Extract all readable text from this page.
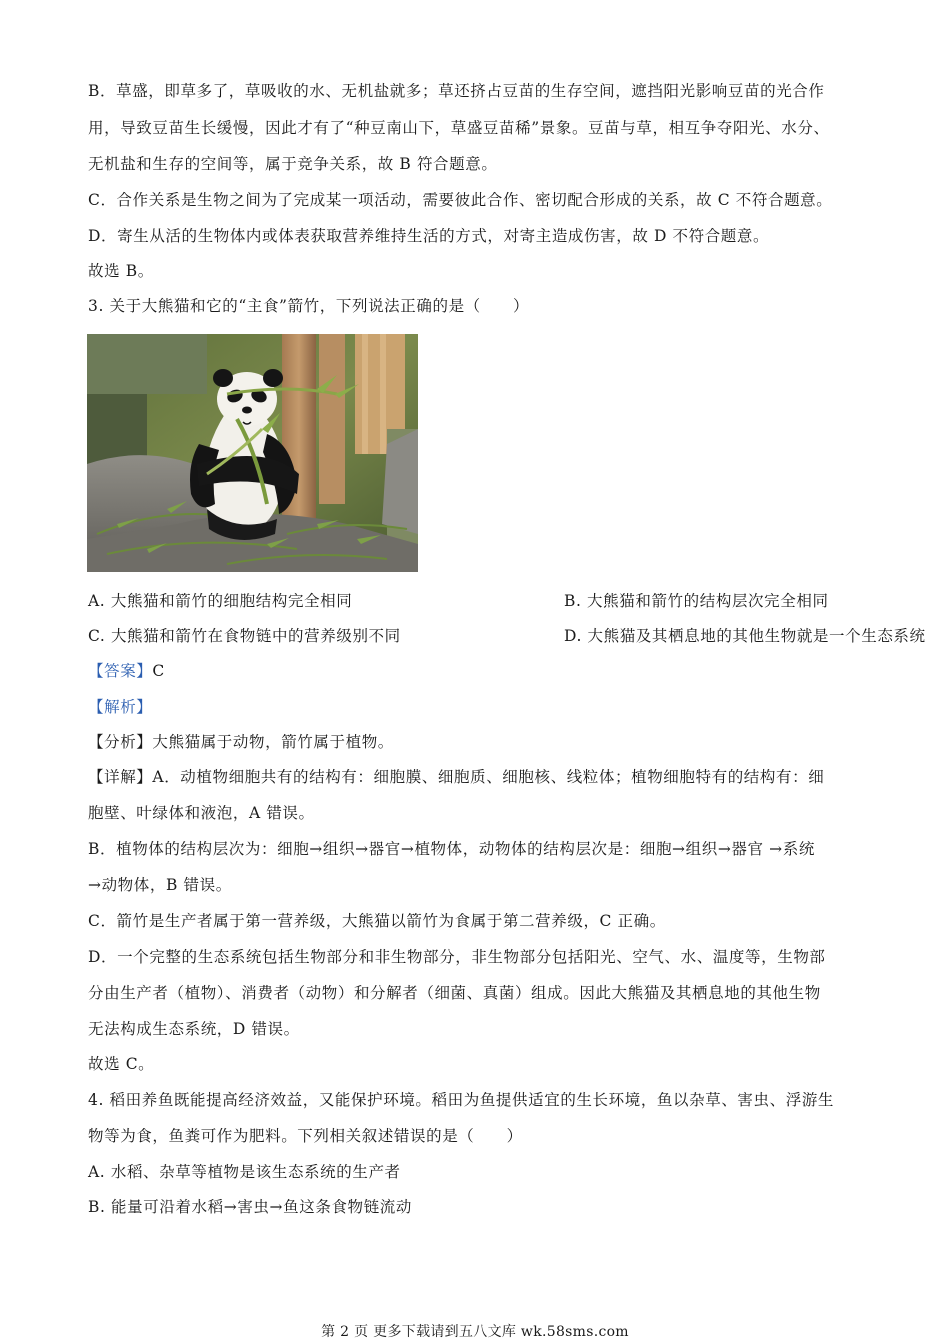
B．草盛，即草多了，草吸收的水、无机盐就多；草还挤占豆苗的生存空间，遮挡阳光影响豆苗的光合作
用，导致豆苗生长缓慢，因此才有了“种豆南山下，草盛豆苗稀”景象。豆苗与草，相互争夺阳光、水分、
无机盐和生存的空间等，属于竞争关系，故 B 符合题意。
C．合作关系是生物之间为了完成某一项活动，需要彼此合作、密切配合形成的关系，故 C 不符合题意。
D．寄生从活的生物体内或体表获取营养维持生活的方式，对寄主造成伤害，故 D 不符合题意。
故选 B。
3. 关于大熊猫和它的“主食”箭竹，下列说法正确的是（　　）
A. 大熊猫和箭竹的细胞结构完全相同	B. 大熊猫和箭竹的结构层次完全相同
C. 大熊猫和箭竹在食物链中的营养级别不同	D. 大熊猫及其栖息地的其他生物就是一个生态系统
【答案】C
【解析】
【分析】大熊猫属于动物，箭竹属于植物。
【详解】A．动植物细胞共有的结构有：细胞膜、细胞质、细胞核、线粒体；植物细胞特有的结构有：细
胞壁、叶绿体和液泡，A 错误。
B．植物体的结构层次为：细胞→组织→器官→植物体，动物体的结构层次是：细胞→组织→器官 →系统
→动物体，B 错误。
C．箭竹是生产者属于第一营养级，大熊猫以箭竹为食属于第二营养级，C 正确。
D．一个完整的生态系统包括生物部分和非生物部分，非生物部分包括阳光、空气、水、温度等，生物部
分由生产者（植物）、消费者（动物）和分解者（细菌、真菌）组成。因此大熊猫及其栖息地的其他生物
无法构成生态系统，D 错误。
故选 C。
4. 稻田养鱼既能提高经济效益，又能保护环境。稻田为鱼提供适宜的生长环境，鱼以杂草、害虫、浮游生
物等为食，鱼粪可作为肥料。下列相关叙述错误的是（　　）
A. 水稻、杂草等植物是该生态系统的生产者
B. 能量可沿着水稻→害虫→鱼这条食物链流动
第 2 页 更多下载请到五八文库 wk.58sms.com
